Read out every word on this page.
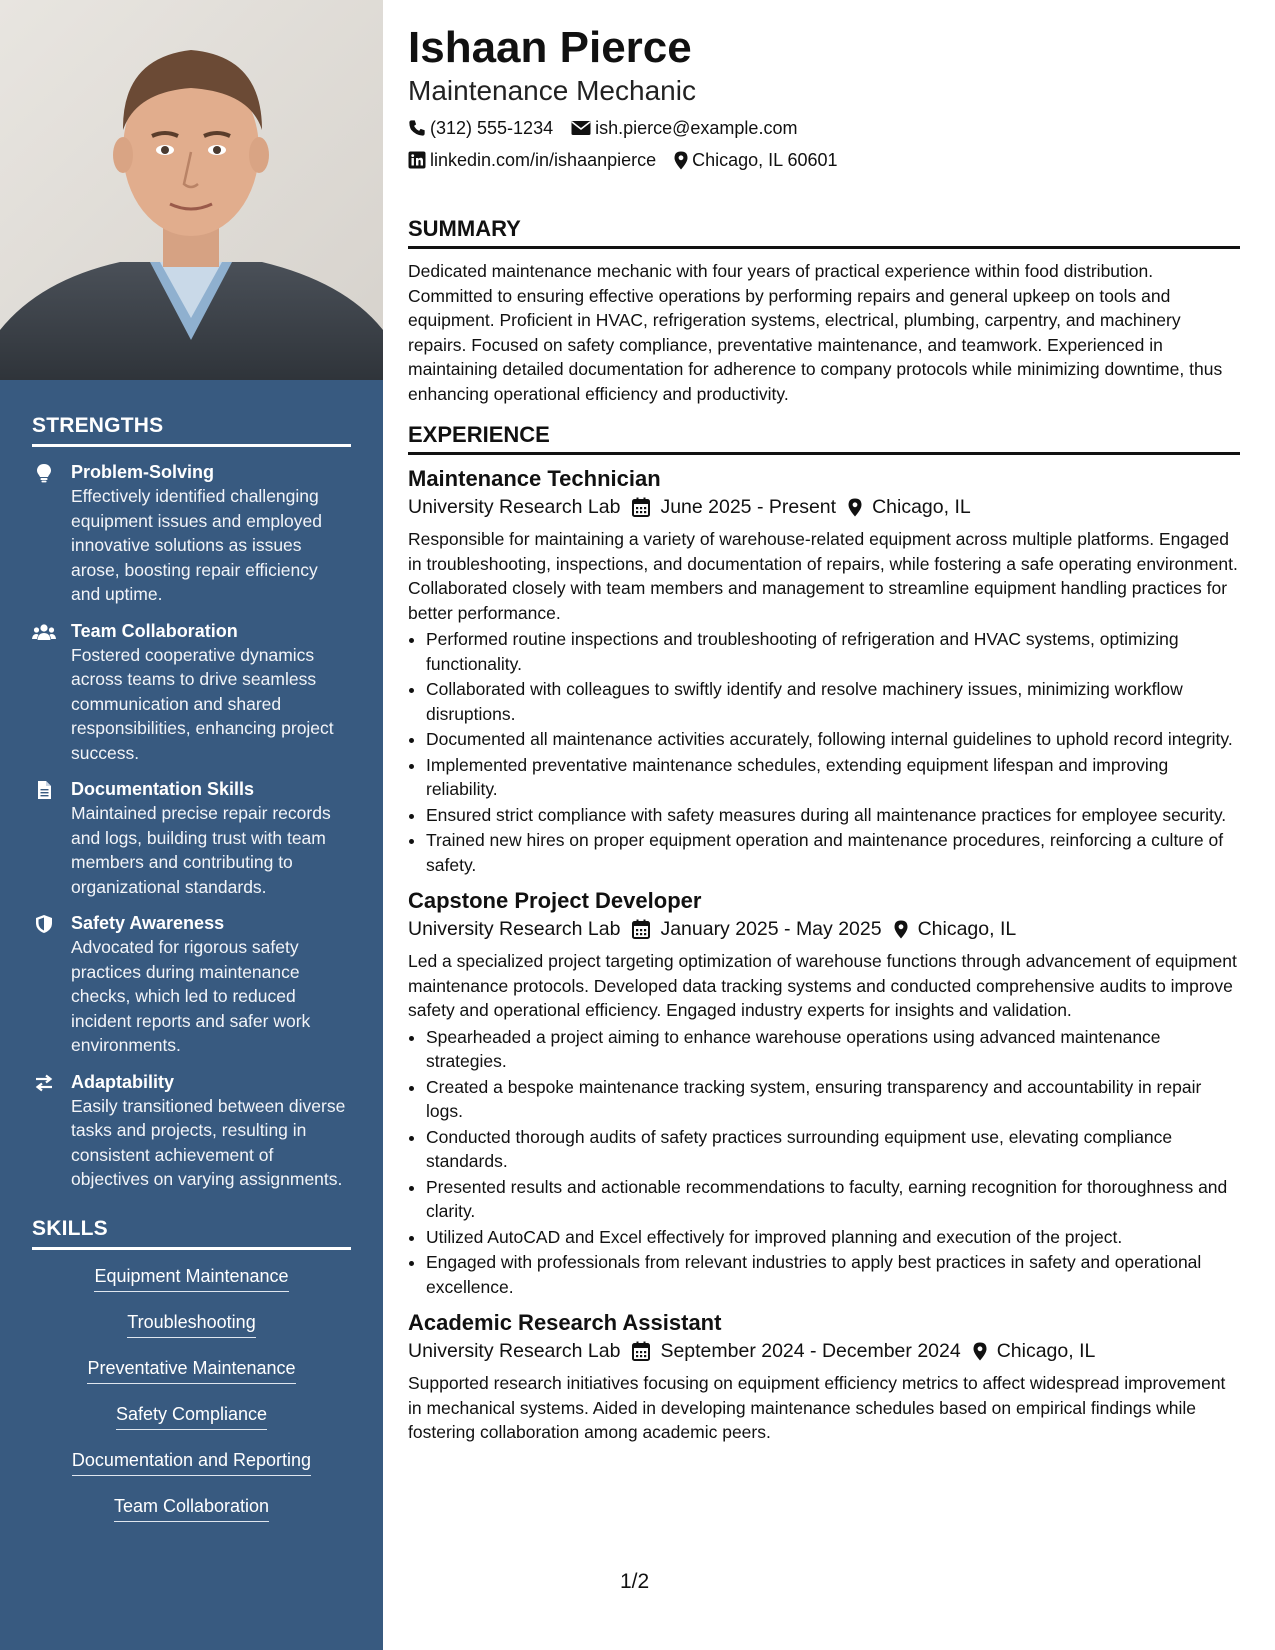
STRENGTHS
Problem-Solving
Effectively identified challenging equipment issues and employed innovative solutions as issues arose, boosting repair efficiency and uptime.
Team Collaboration
Fostered cooperative dynamics across teams to drive seamless communication and shared responsibilities, enhancing project success.
Documentation Skills
Maintained precise repair records and logs, building trust with team members and contributing to organizational standards.
Safety Awareness
Advocated for rigorous safety practices during maintenance checks, which led to reduced incident reports and safer work environments.
Adaptability
Easily transitioned between diverse tasks and projects, resulting in consistent achievement of objectives on varying assignments.
SKILLS
Equipment Maintenance
Troubleshooting
Preventative Maintenance
Safety Compliance
Documentation and Reporting
Team Collaboration
Ishaan Pierce
Maintenance Mechanic
(312) 555-1234 ish.pierce@example.com
linkedin.com/in/ishaanpierce Chicago, IL 60601
SUMMARY
Dedicated maintenance mechanic with four years of practical experience within food distribution. Committed to ensuring effective operations by performing repairs and general upkeep on tools and equipment. Proficient in HVAC, refrigeration systems, electrical, plumbing, carpentry, and machinery repairs. Focused on safety compliance, preventative maintenance, and teamwork. Experienced in maintaining detailed documentation for adherence to company protocols while minimizing downtime, thus enhancing operational efficiency and productivity.
EXPERIENCE
Maintenance Technician
University Research Lab June 2025 - Present Chicago, IL
Responsible for maintaining a variety of warehouse-related equipment across multiple platforms. Engaged in troubleshooting, inspections, and documentation of repairs, while fostering a safe operating environment. Collaborated closely with team members and management to streamline equipment handling practices for better performance.
• Performed routine inspections and troubleshooting of refrigeration and HVAC systems, optimizing functionality.
• Collaborated with colleagues to swiftly identify and resolve machinery issues, minimizing workflow disruptions.
• Documented all maintenance activities accurately, following internal guidelines to uphold record integrity.
• Implemented preventative maintenance schedules, extending equipment lifespan and improving reliability.
• Ensured strict compliance with safety measures during all maintenance practices for employee security.
• Trained new hires on proper equipment operation and maintenance procedures, reinforcing a culture of safety.
Capstone Project Developer
University Research Lab January 2025 - May 2025 Chicago, IL
Led a specialized project targeting optimization of warehouse functions through advancement of equipment maintenance protocols. Developed data tracking systems and conducted comprehensive audits to improve safety and operational efficiency. Engaged industry experts for insights and validation.
• Spearheaded a project aiming to enhance warehouse operations using advanced maintenance strategies.
• Created a bespoke maintenance tracking system, ensuring transparency and accountability in repair logs.
• Conducted thorough audits of safety practices surrounding equipment use, elevating compliance standards.
• Presented results and actionable recommendations to faculty, earning recognition for thoroughness and clarity.
• Utilized AutoCAD and Excel effectively for improved planning and execution of the project.
• Engaged with professionals from relevant industries to apply best practices in safety and operational excellence.
Academic Research Assistant
University Research Lab September 2024 - December 2024 Chicago, IL
Supported research initiatives focusing on equipment efficiency metrics to affect widespread improvement in mechanical systems. Aided in developing maintenance schedules based on empirical findings while fostering collaboration among academic peers.
1/2
